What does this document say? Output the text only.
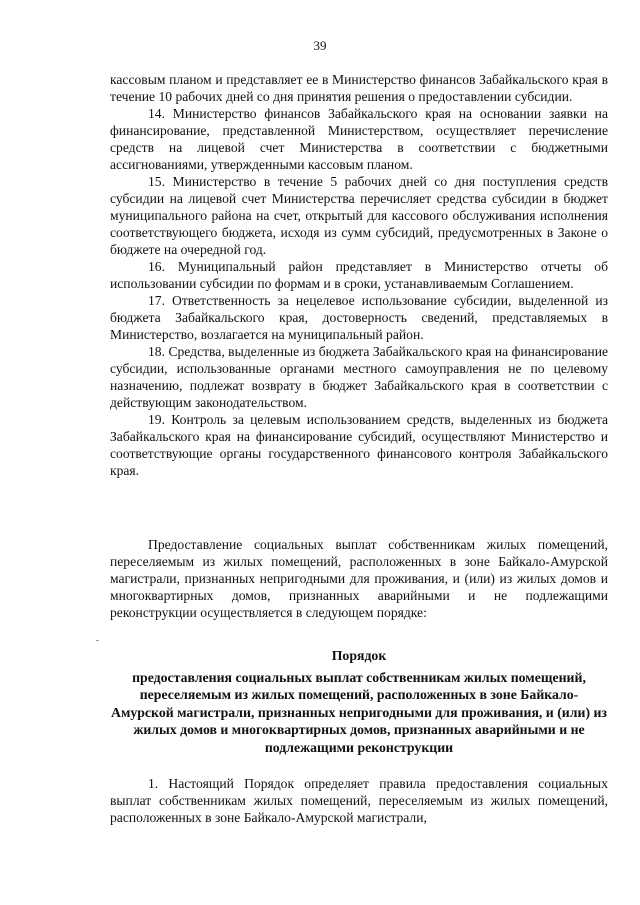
39

кассовым планом и представляет ее в Министерство финансов Забайкальского края в течение 10 рабочих дней со дня принятия решения о предоставлении субсидии.

14. Министерство финансов Забайкальского края на основании заявки на финансирование, представленной Министерством, осуществляет перечисление средств на лицевой счет Министерства в соответствии с бюджетными ассигнованиями, утвержденными кассовым планом.

15. Министерство в течение 5 рабочих дней со дня поступления средств субсидии на лицевой счет Министерства перечисляет средства субсидии в бюджет муниципального района на счет, открытый для кассового обслуживания исполнения соответствующего бюджета, исходя из сумм субсидий, предусмотренных в Законе о бюджете на очередной год.

16. Муниципальный район представляет в Министерство отчеты об использовании субсидии по формам и в сроки, устанавливаемым Соглашением.

17. Ответственность за нецелевое использование субсидии, выделенной из бюджета Забайкальского края, достоверность сведений, представляемых в Министерство, возлагается на муниципальный район.

18. Средства, выделенные из бюджета Забайкальского края на финансирование субсидии, использованные органами местного самоуправления не по целевому назначению, подлежат возврату в бюджет Забайкальского края в соответствии с действующим законодательством.

19. Контроль за целевым использованием средств, выделенных из бюджета Забайкальского края на финансирование субсидий, осуществляют Министерство и соответствующие органы государственного финансового контроля Забайкальского края.

Предоставление социальных выплат собственникам жилых помещений, переселяемым из жилых помещений, расположенных в зоне Байкало-Амурской магистрали, признанных непригодными для проживания, и (или) из жилых домов и многоквартирных домов, признанных аварийными и не подлежащими реконструкции осуществляется в следующем порядке:

Порядок

предоставления социальных выплат собственникам жилых помещений, переселяемым из жилых помещений, расположенных в зоне Байкало-Амурской магистрали, признанных непригодными для проживания, и (или) из жилых домов и многоквартирных домов, признанных аварийными и не подлежащими реконструкции

1. Настоящий Порядок определяет правила предоставления социальных выплат собственникам жилых помещений, переселяемым из жилых помещений, расположенных в зоне Байкало-Амурской магистрали,
